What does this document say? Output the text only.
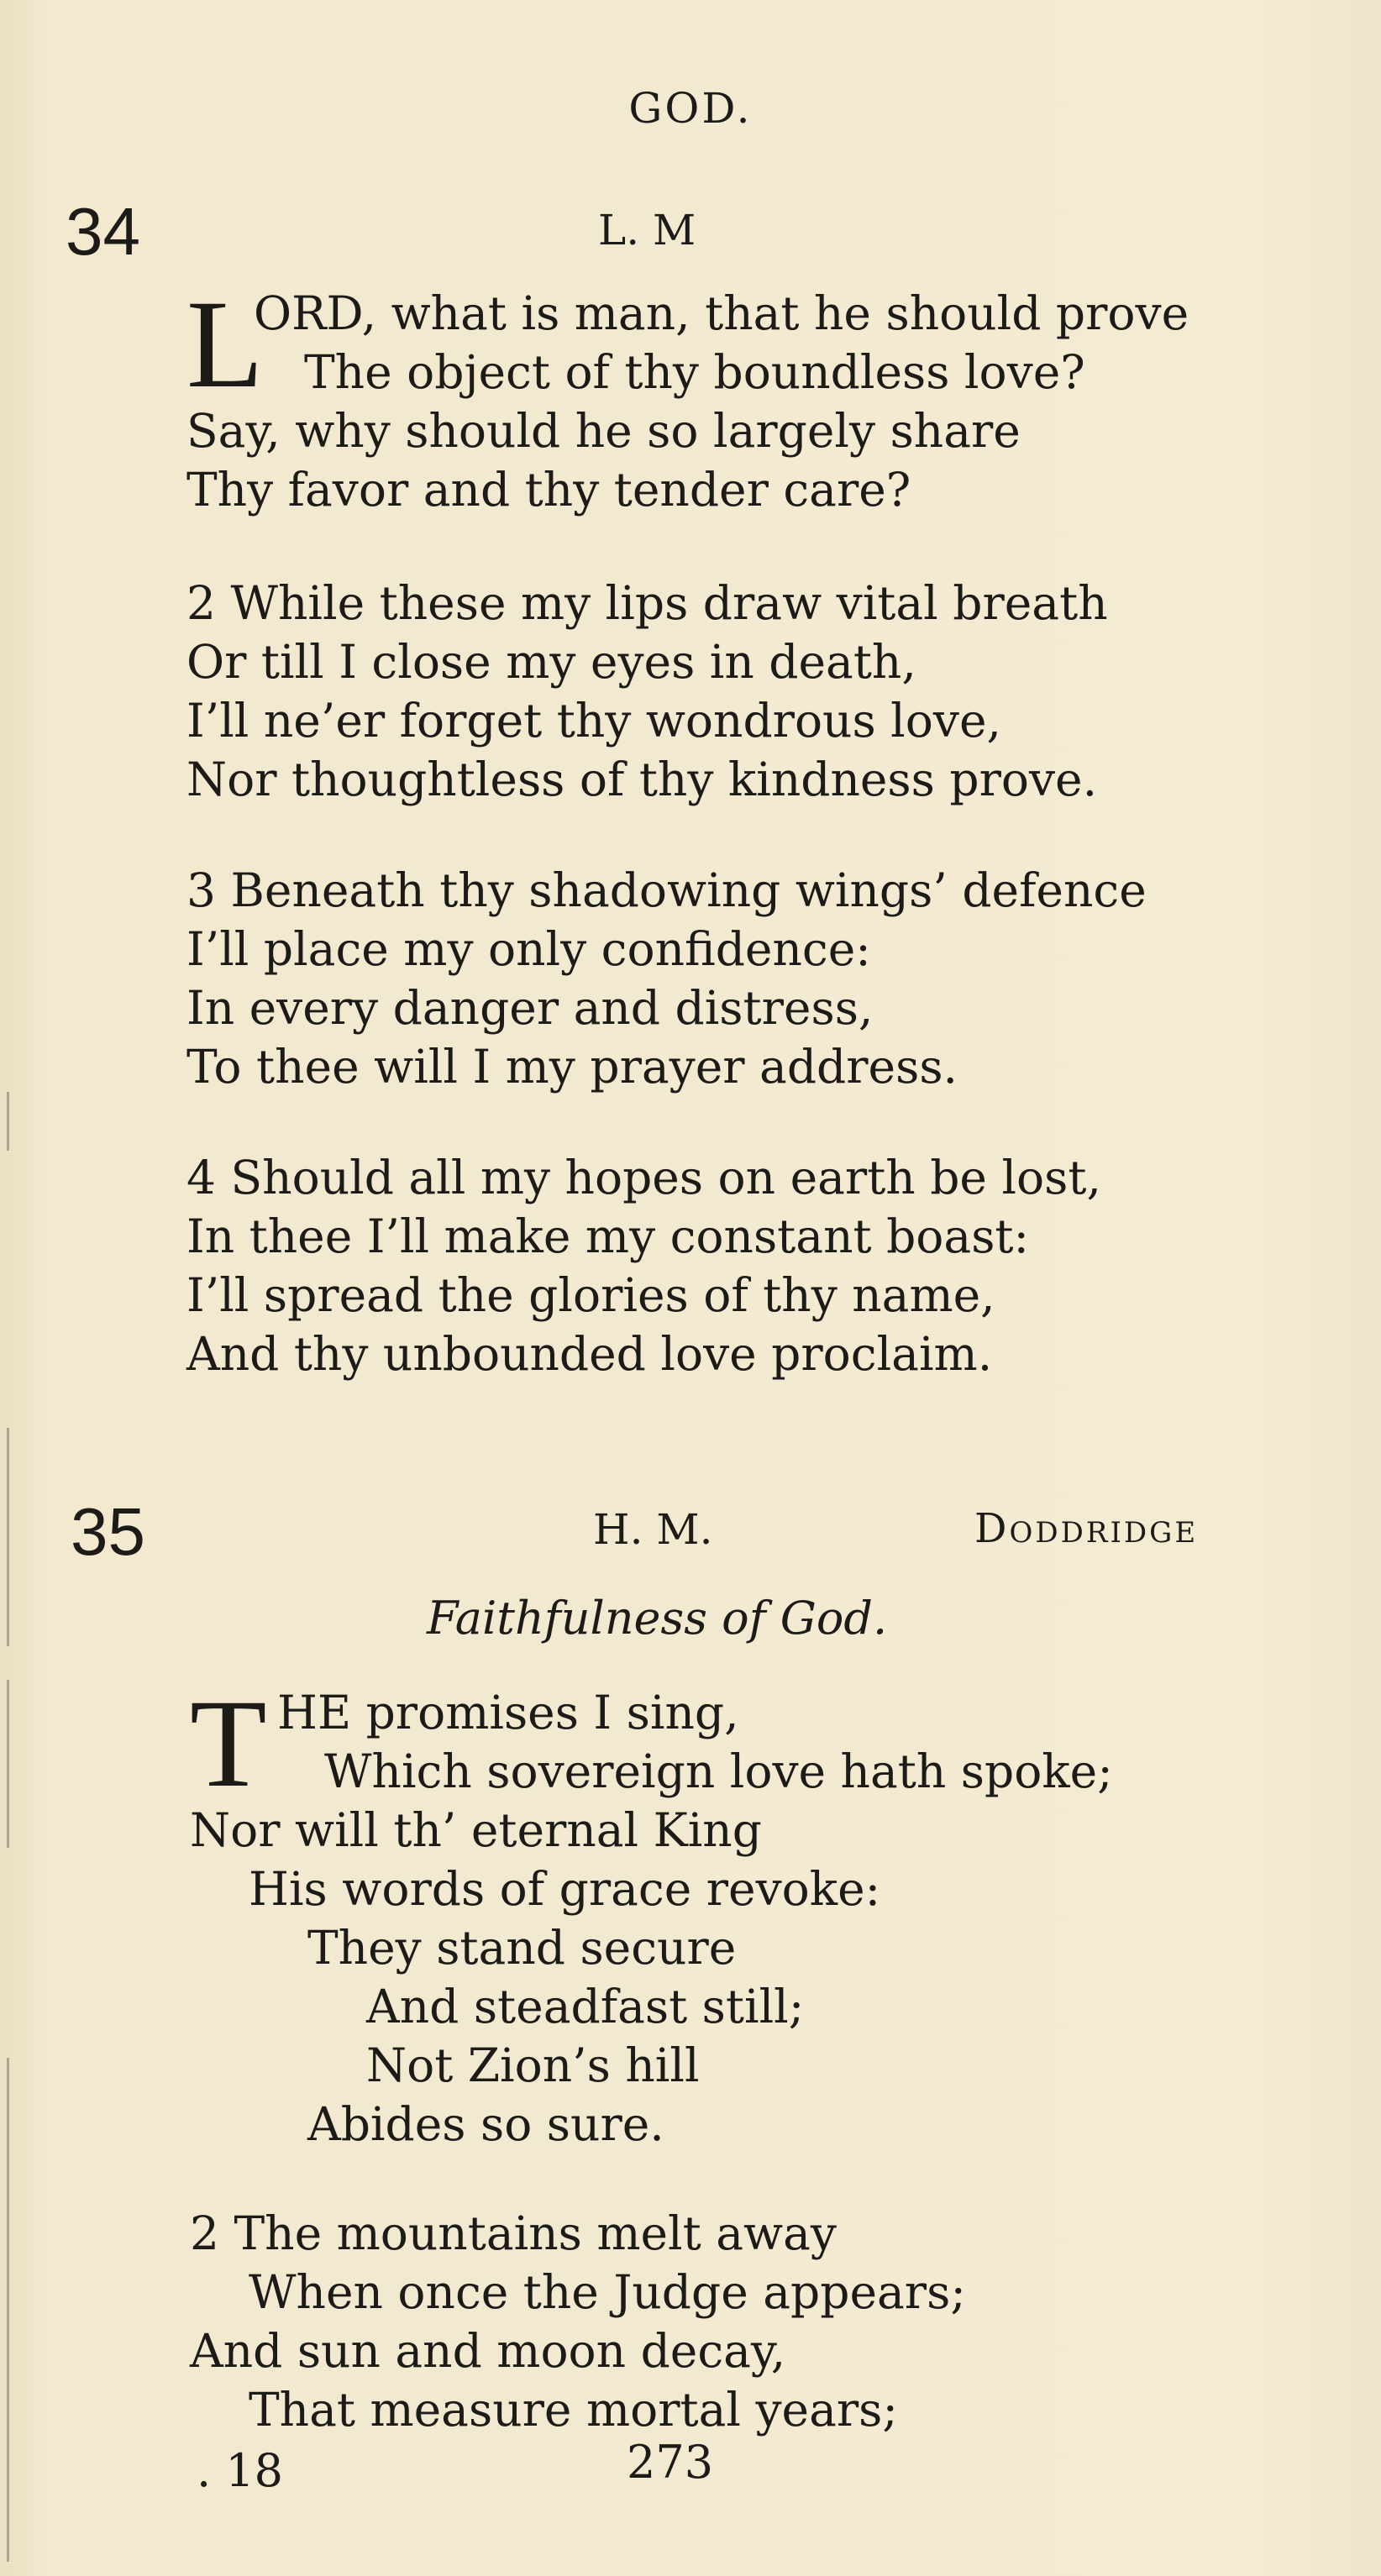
GOD.
34	L. M
L
ORD, what is man, that he should prove
The object of thy boundless love?
Say, why should he so largely share
Thy favor and thy tender care?
2 While these my lips draw vital breath
Or till I close my eyes in death,
I’ll ne’er forget thy wondrous love,
Nor thoughtless of thy kindness prove.
3 Beneath thy shadowing wings’ defence
I’ll place my only confidence:
In every danger and distress,
To thee will I my prayer address.
4 Should all my hopes on earth be lost,
In thee I’ll make my constant boast:
I’ll spread the glories of thy name,
And thy unbounded love proclaim.
35	H. M.	Doddridge
Faithfulness of God.
T HE promises I sing,
Which sovereign love hath spoke;
Nor will th’ eternal King
His words of grace revoke:
They stand secure
And steadfast still;
Not Zion’s hill
Abides so sure.
2 The mountains melt away
When once the Judge appears;
And sun and moon decay,
That measure mortal years;
. 18	273
